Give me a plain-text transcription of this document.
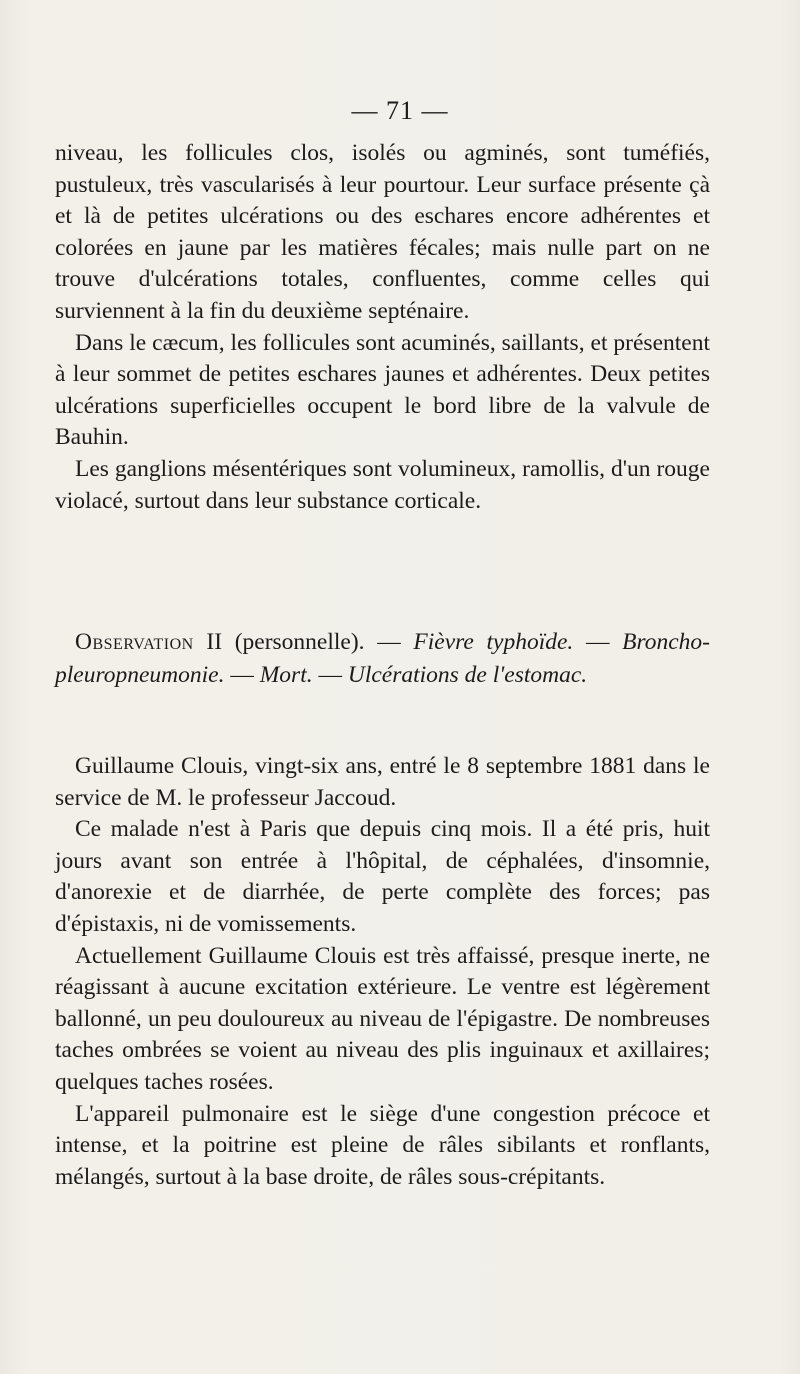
— 71 —

niveau, les follicules clos, isolés ou agminés, sont tuméfiés, pustuleux, très vascularisés à leur pourtour. Leur surface présente çà et là de petites ulcérations ou des eschares encore adhérentes et colorées en jaune par les matières fécales; mais nulle part on ne trouve d'ulcérations totales, confluentes, comme celles qui surviennent à la fin du deuxième septénaire.

Dans le cæcum, les follicules sont acuminés, saillants, et présentent à leur sommet de petites eschares jaunes et adhérentes. Deux petites ulcérations superficielles occupent le bord libre de la valvule de Bauhin.

Les ganglions mésentériques sont volumineux, ramollis, d'un rouge violacé, surtout dans leur substance corticale.

Observation II (personnelle). — Fièvre typhoïde. — Broncho-pleuropneumonie. — Mort. — Ulcérations de l'estomac.

Guillaume Clouis, vingt-six ans, entré le 8 septembre 1881 dans le service de M. le professeur Jaccoud.

Ce malade n'est à Paris que depuis cinq mois. Il a été pris, huit jours avant son entrée à l'hôpital, de céphalées, d'insomnie, d'anorexie et de diarrhée, de perte complète des forces; pas d'épistaxis, ni de vomissements.

Actuellement Guillaume Clouis est très affaissé, presque inerte, ne réagissant à aucune excitation extérieure. Le ventre est légèrement ballonné, un peu douloureux au niveau de l'épigastre. De nombreuses taches ombrées se voient au niveau des plis inguinaux et axillaires; quelques taches rosées.

L'appareil pulmonaire est le siège d'une congestion précoce et intense, et la poitrine est pleine de râles sibilants et ronflants, mélangés, surtout à la base droite, de râles sous-crépitants.
